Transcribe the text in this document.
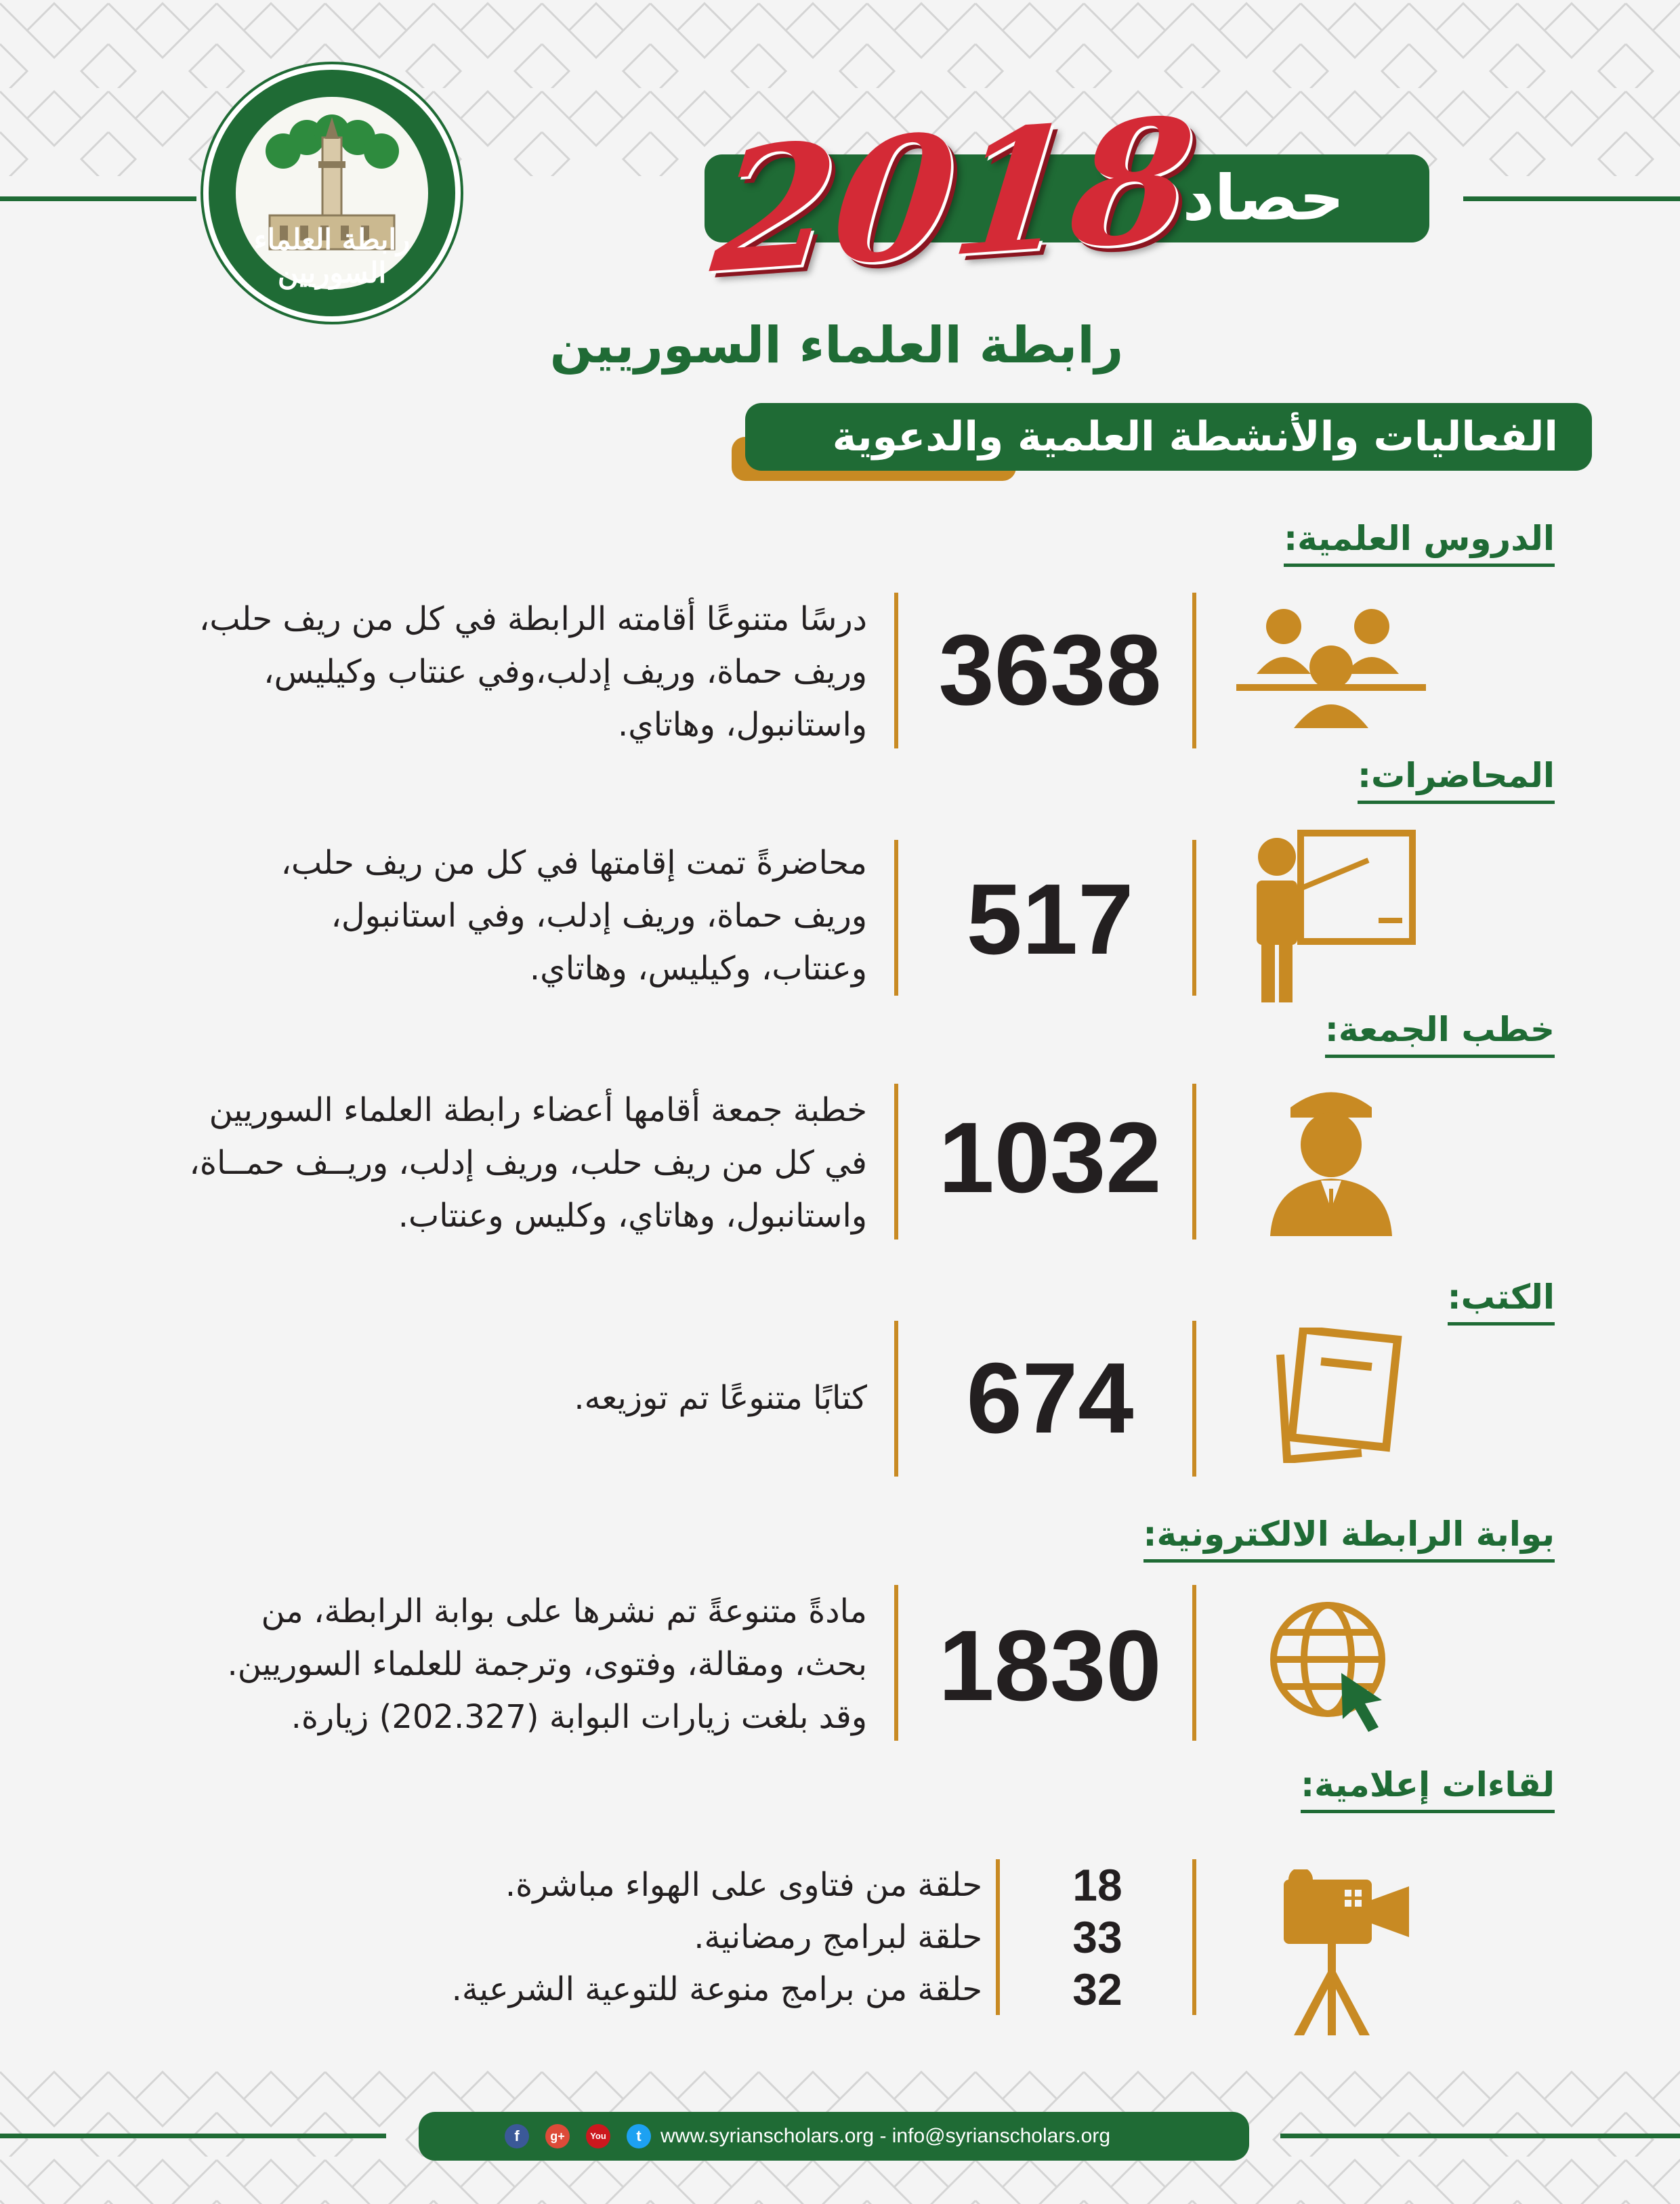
رابطة العلماء السوريين
حصاد
2018
رابطة العلماء السوريين
الفعاليات والأنشطة العلمية والدعوية
الدروس العلمية:
3638
درسًا متنوعًا أقامته الرابطة في كل من ريف حلب،
وريف حماة، وريف إدلب،وفي عنتاب وكيليس،
واستانبول، وهاتاي.
المحاضرات:
517
محاضرةً تمت إقامتها في كل من ريف حلب،
وريف حماة، وريف إدلب، وفي استانبول،
وعنتاب، وكيليس، وهاتاي.
خطب الجمعة:
1032
خطبة جمعة أقامها أعضاء رابطة العلماء السوريين
في كل من ريف حلب، وريف إدلب، وريــف حمــاة،
واستانبول، وهاتاي، وكليس وعنتاب.
الكتب:
674
كتابًا متنوعًا تم توزيعه.
بوابة الرابطة الالكترونية:
1830
مادةً متنوعةً تم نشرها على بوابة الرابطة، من
بحث، ومقالة، وفتوى، وترجمة للعلماء السوريين.
وقد بلغت زيارات البوابة (202.327) زيارة.
لقاءات إعلامية:
18
حلقة من فتاوى على الهواء مباشرة.
33
حلقة لبرامج رمضانية.
32
حلقة من برامج منوعة للتوعية الشرعية.
f	g+	You	t www.syrianscholars.org - info@syrianscholars.org
